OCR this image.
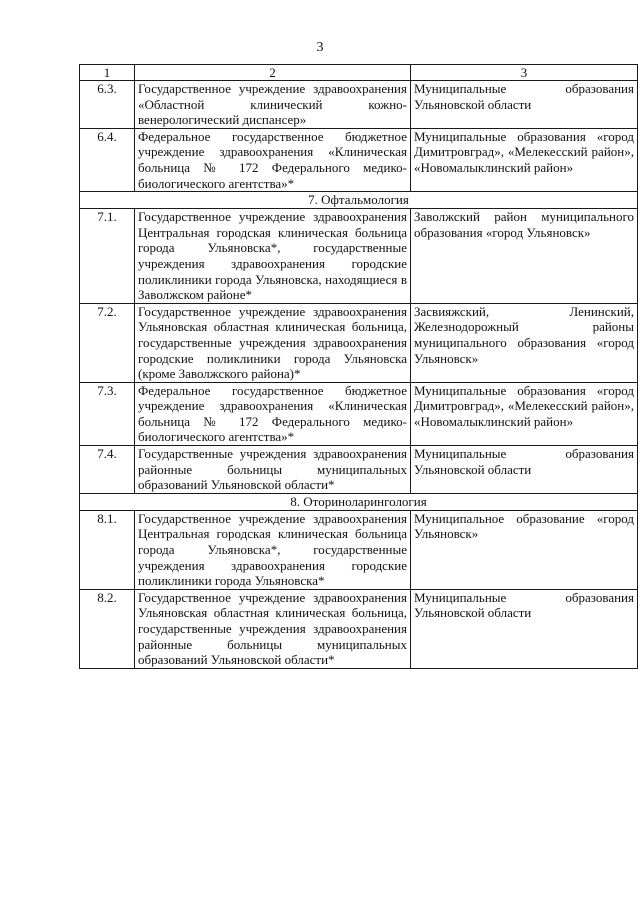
3
1	2	3
6.3.	Государственное учреждение здравоохранения «Областной клинический кожно-венерологический диспансер»	Муниципальные образования Ульяновской области
6.4.	Федеральное государственное бюджетное учреждение здравоохранения «Клиническая больница № 172 Федерального медико-биологического агентства»*	Муниципальные образования «город Димитровград», «Мелекесский район», «Новомалыклинский район»
7. Офтальмология		
7.1.	Государственное учреждение здравоохранения Центральная городская клиническая больница города Ульяновска*, государственные учреждения здравоохранения городские поликлиники города Ульяновска, находящиеся в Заволжском районе*	Заволжский район муниципального образования «город Ульяновск»
7.2.	Государственное учреждение здравоохранения Ульяновская областная клиническая больница, государственные учреждения здравоохранения городские поликлиники города Ульяновска (кроме Заволжского района)*	Засвияжский, Ленинский, Железнодорожный районы муниципального образования «город Ульяновск»
7.3.	Федеральное государственное бюджетное учреждение здравоохранения «Клиническая больница № 172 Федерального медико-биологического агентства»*	Муниципальные образования «город Димитровград», «Мелекесский район», «Новомалыклинский район»
7.4.	Государственные учреждения здравоохранения районные больницы муниципальных образований Ульяновской области*	Муниципальные образования Ульяновской области
8. Оториноларингология		
8.1.	Государственное учреждение здравоохранения Центральная городская клиническая больница города Ульяновска*, государственные учреждения здравоохранения городские поликлиники города Ульяновска*	Муниципальное образование «город Ульяновск»
8.2.	Государственное учреждение здравоохранения Ульяновская областная клиническая больница, государственные учреждения здравоохранения районные больницы муниципальных образований Ульяновской области*	Муниципальные образования Ульяновской области
